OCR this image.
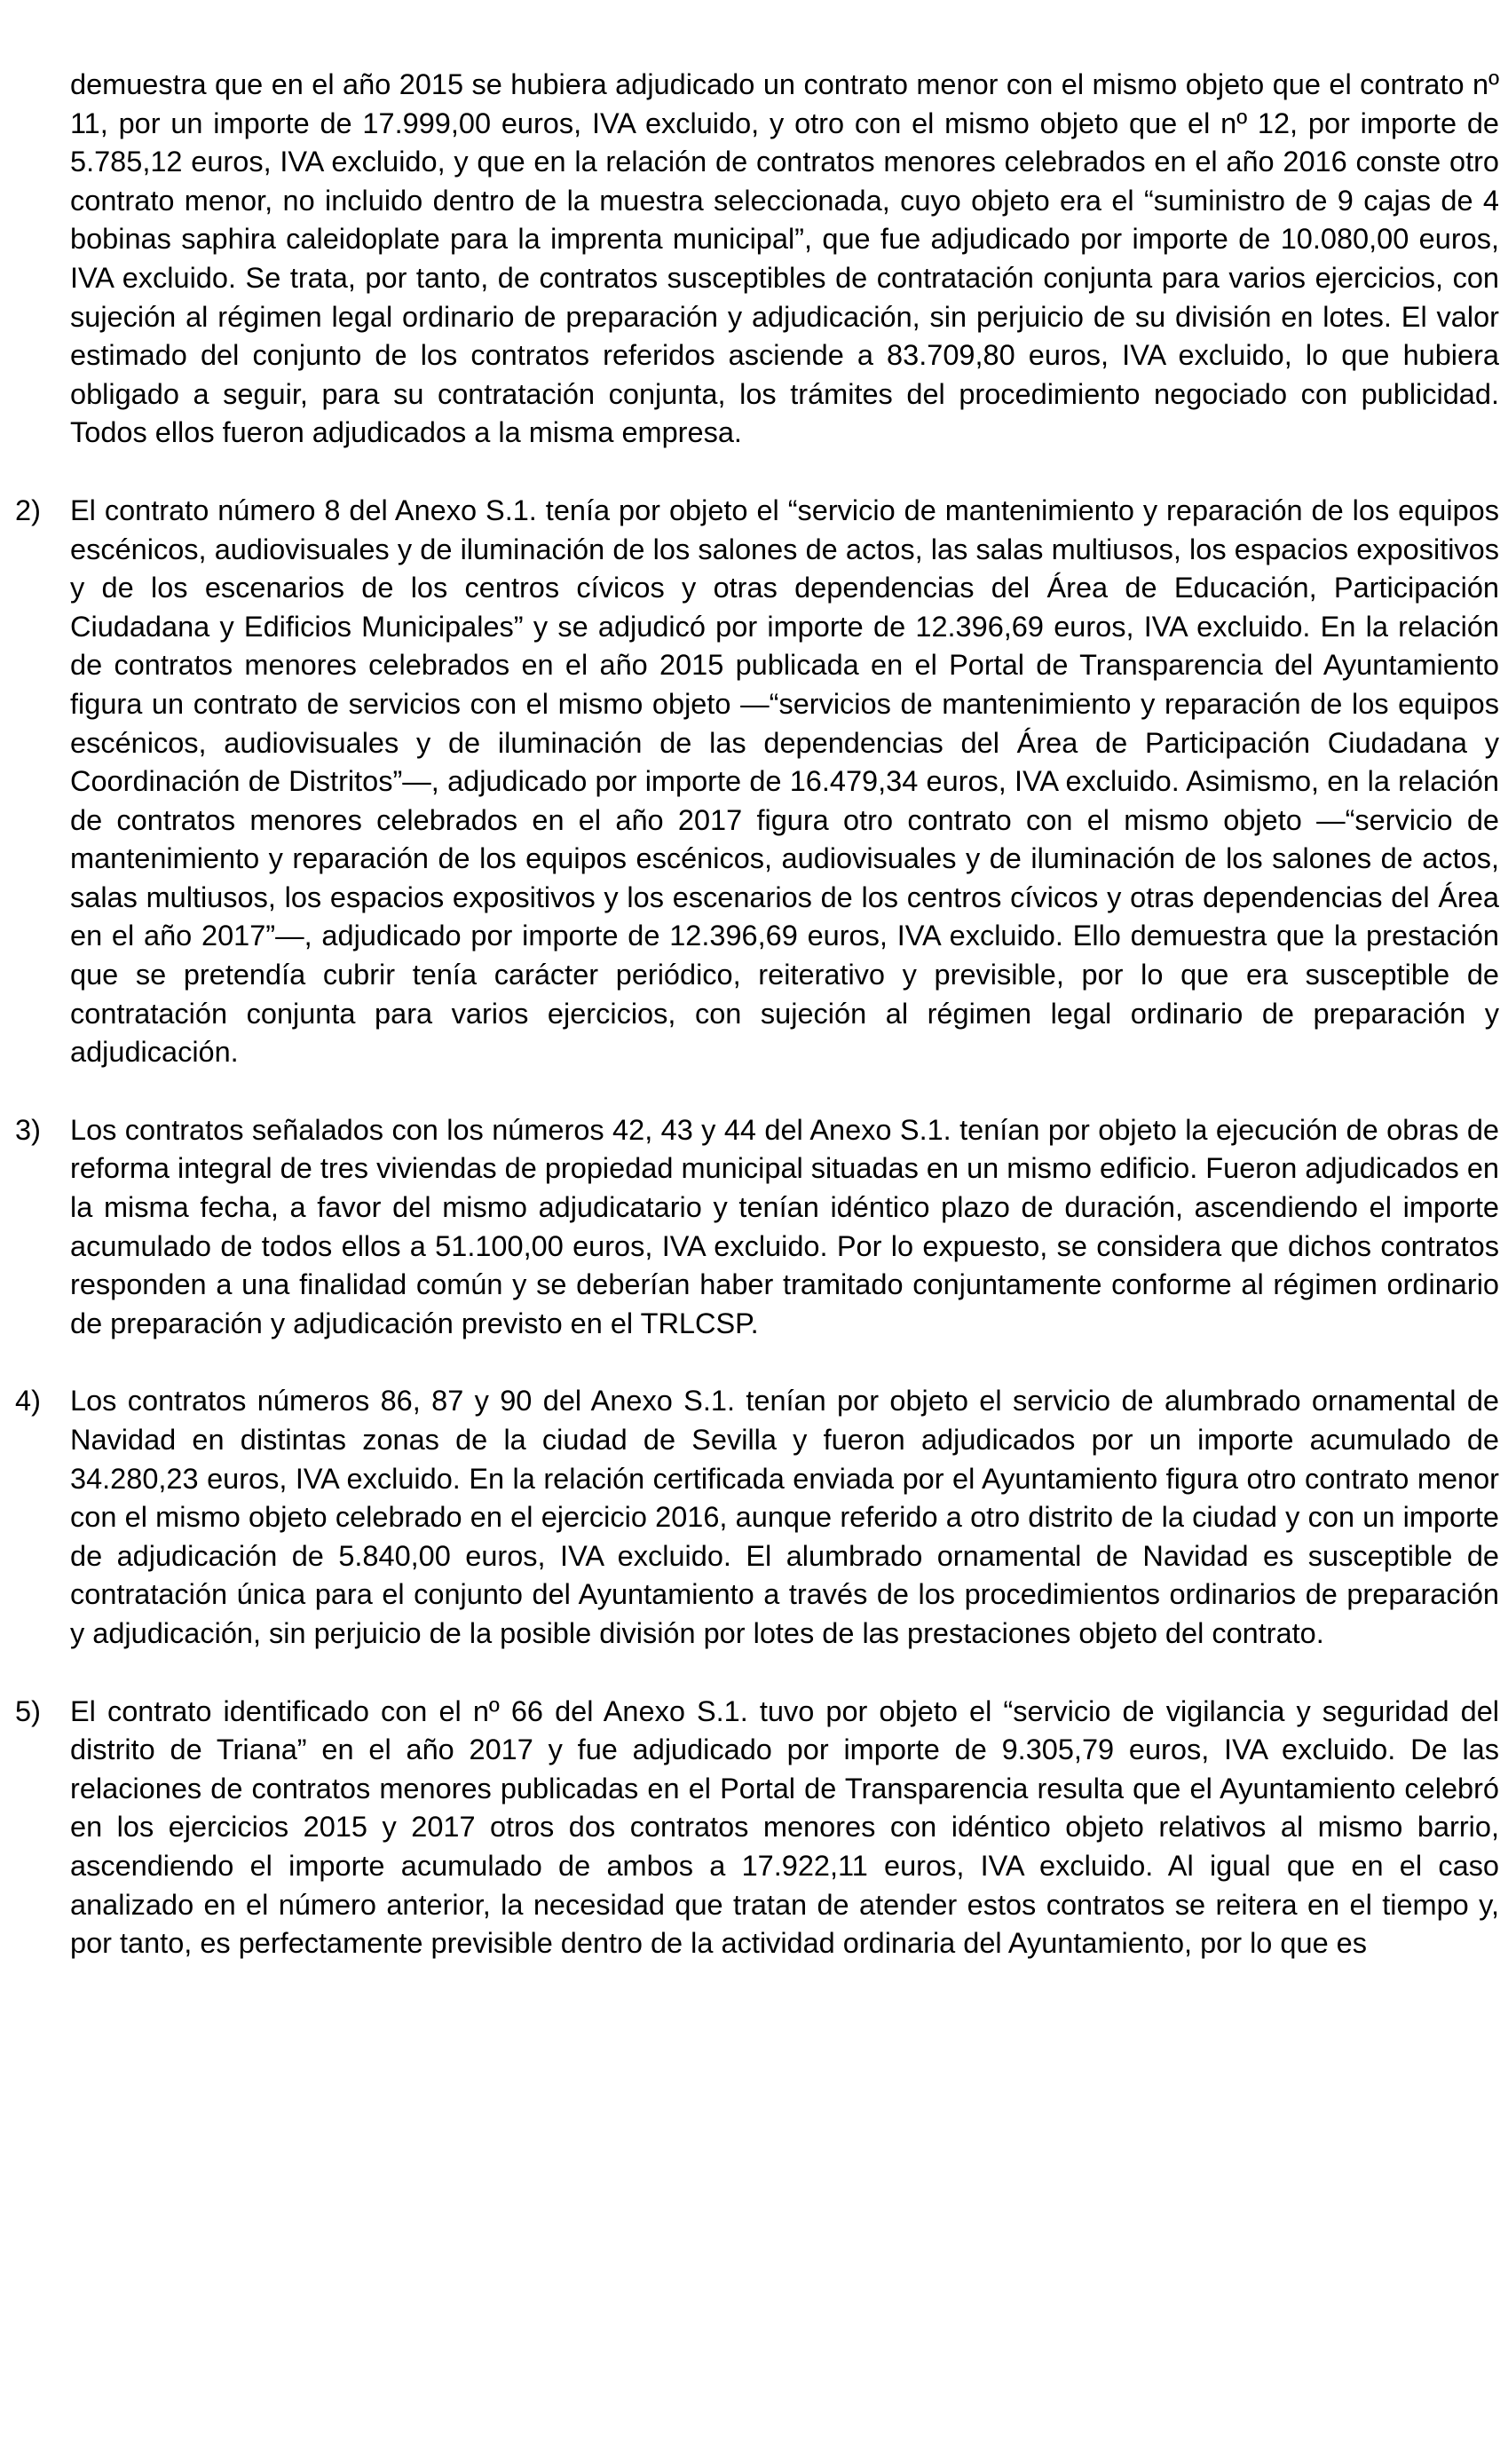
demuestra que en el año 2015 se hubiera adjudicado un contrato menor con el mismo objeto que el contrato nº 11, por un importe de 17.999,00 euros, IVA excluido, y otro con el mismo objeto que el nº 12, por importe de 5.785,12 euros, IVA excluido, y que en la relación de contratos menores celebrados en el año 2016 conste otro contrato menor, no incluido dentro de la muestra seleccionada, cuyo objeto era el “suministro de 9 cajas de 4 bobinas saphira caleidoplate para la imprenta municipal”, que fue adjudicado por importe de 10.080,00 euros, IVA excluido. Se trata, por tanto, de contratos susceptibles de contratación conjunta para varios ejercicios, con sujeción al régimen legal ordinario de preparación y adjudicación, sin perjuicio de su división en lotes. El valor estimado del conjunto de los contratos referidos asciende a 83.709,80 euros, IVA excluido, lo que hubiera obligado a seguir, para su contratación conjunta, los trámites del procedimiento negociado con publicidad. Todos ellos fueron adjudicados a la misma empresa.

2) El contrato número 8 del Anexo S.1. tenía por objeto el “servicio de mantenimiento y reparación de los equipos escénicos, audiovisuales y de iluminación de los salones de actos, las salas multiusos, los espacios expositivos y de los escenarios de los centros cívicos y otras dependencias del Área de Educación, Participación Ciudadana y Edificios Municipales” y se adjudicó por importe de 12.396,69 euros, IVA excluido. En la relación de contratos menores celebrados en el año 2015 publicada en el Portal de Transparencia del Ayuntamiento figura un contrato de servicios con el mismo objeto —“servicios de mantenimiento y reparación de los equipos escénicos, audiovisuales y de iluminación de las dependencias del Área de Participación Ciudadana y Coordinación de Distritos”—, adjudicado por importe de 16.479,34 euros, IVA excluido. Asimismo, en la relación de contratos menores celebrados en el año 2017 figura otro contrato con el mismo objeto —“servicio de mantenimiento y reparación de los equipos escénicos, audiovisuales y de iluminación de los salones de actos, salas multiusos, los espacios expositivos y los escenarios de los centros cívicos y otras dependencias del Área en el año 2017”—, adjudicado por importe de 12.396,69 euros, IVA excluido. Ello demuestra que la prestación que se pretendía cubrir tenía carácter periódico, reiterativo y previsible, por lo que era susceptible de contratación conjunta para varios ejercicios, con sujeción al régimen legal ordinario de preparación y adjudicación.
3) Los contratos señalados con los números 42, 43 y 44 del Anexo S.1. tenían por objeto la ejecución de obras de reforma integral de tres viviendas de propiedad municipal situadas en un mismo edificio. Fueron adjudicados en la misma fecha, a favor del mismo adjudicatario y tenían idéntico plazo de duración, ascendiendo el importe acumulado de todos ellos a 51.100,00 euros, IVA excluido. Por lo expuesto, se considera que dichos contratos responden a una finalidad común y se deberían haber tramitado conjuntamente conforme al régimen ordinario de preparación y adjudicación previsto en el TRLCSP.
4) Los contratos números 86, 87 y 90 del Anexo S.1. tenían por objeto el servicio de alumbrado ornamental de Navidad en distintas zonas de la ciudad de Sevilla y fueron adjudicados por un importe acumulado de 34.280,23 euros, IVA excluido. En la relación certificada enviada por el Ayuntamiento figura otro contrato menor con el mismo objeto celebrado en el ejercicio 2016, aunque referido a otro distrito de la ciudad y con un importe de adjudicación de 5.840,00 euros, IVA excluido. El alumbrado ornamental de Navidad es susceptible de contratación única para el conjunto del Ayuntamiento a través de los procedimientos ordinarios de preparación y adjudicación, sin perjuicio de la posible división por lotes de las prestaciones objeto del contrato.
5) El contrato identificado con el nº 66 del Anexo S.1. tuvo por objeto el “servicio de vigilancia y seguridad del distrito de Triana” en el año 2017 y fue adjudicado por importe de 9.305,79 euros, IVA excluido. De las relaciones de contratos menores publicadas en el Portal de Transparencia resulta que el Ayuntamiento celebró en los ejercicios 2015 y 2017 otros dos contratos menores con idéntico objeto relativos al mismo barrio, ascendiendo el importe acumulado de ambos a 17.922,11 euros, IVA excluido. Al igual que en el caso analizado en el número anterior, la necesidad que tratan de atender estos contratos se reitera en el tiempo y, por tanto, es perfectamente previsible dentro de la actividad ordinaria del Ayuntamiento, por lo que es
